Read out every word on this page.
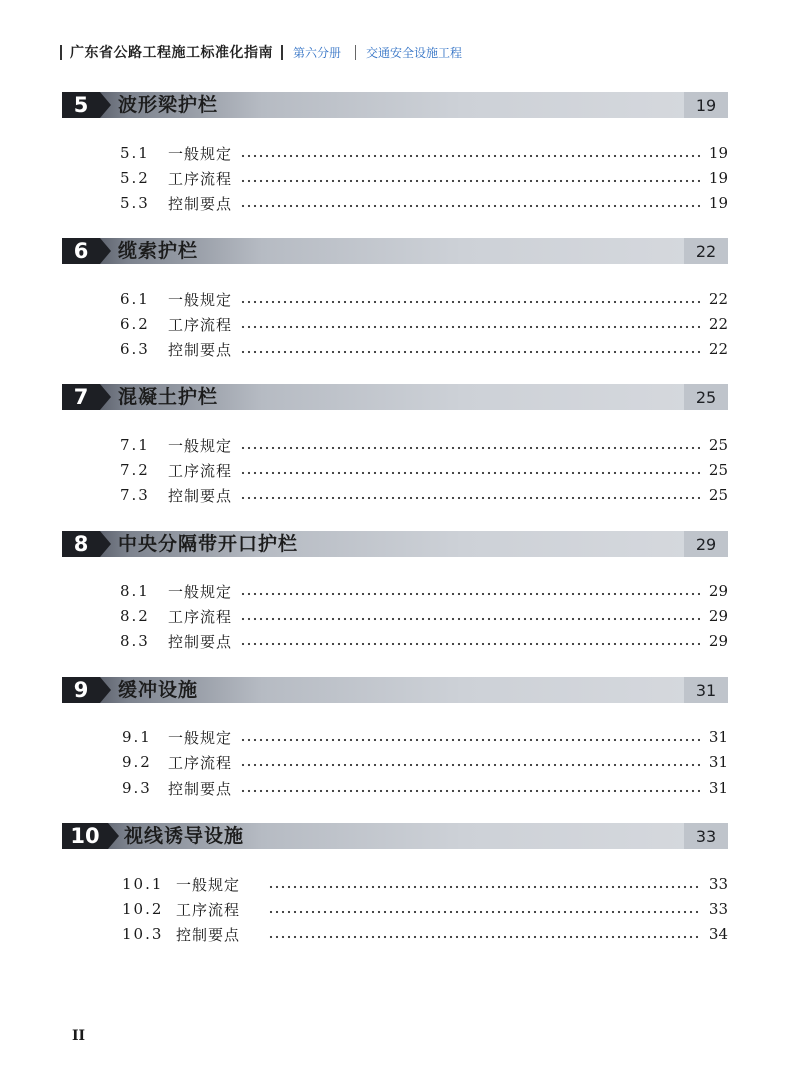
广东省公路工程施工标准化指南 第六分册 交通安全设施工程
5	波形梁护栏	19
5.1	一般规定	19
5.2	工序流程	19
5.3	控制要点	19
6	缆索护栏	22
6.1	一般规定	22
6.2	工序流程	22
6.3	控制要点	22
7	混凝土护栏	25
7.1	一般规定	25
7.2	工序流程	25
7.3	控制要点	25
8	中央分隔带开口护栏	29
8.1	一般规定	29
8.2	工序流程	29
8.3	控制要点	29
9	缓冲设施	31
9.1	一般规定	31
9.2	工序流程	31
9.3	控制要点	31
10	视线诱导设施	33
10.1 一般规定	33
10.2 工序流程	33
10.3 控制要点	34
II
